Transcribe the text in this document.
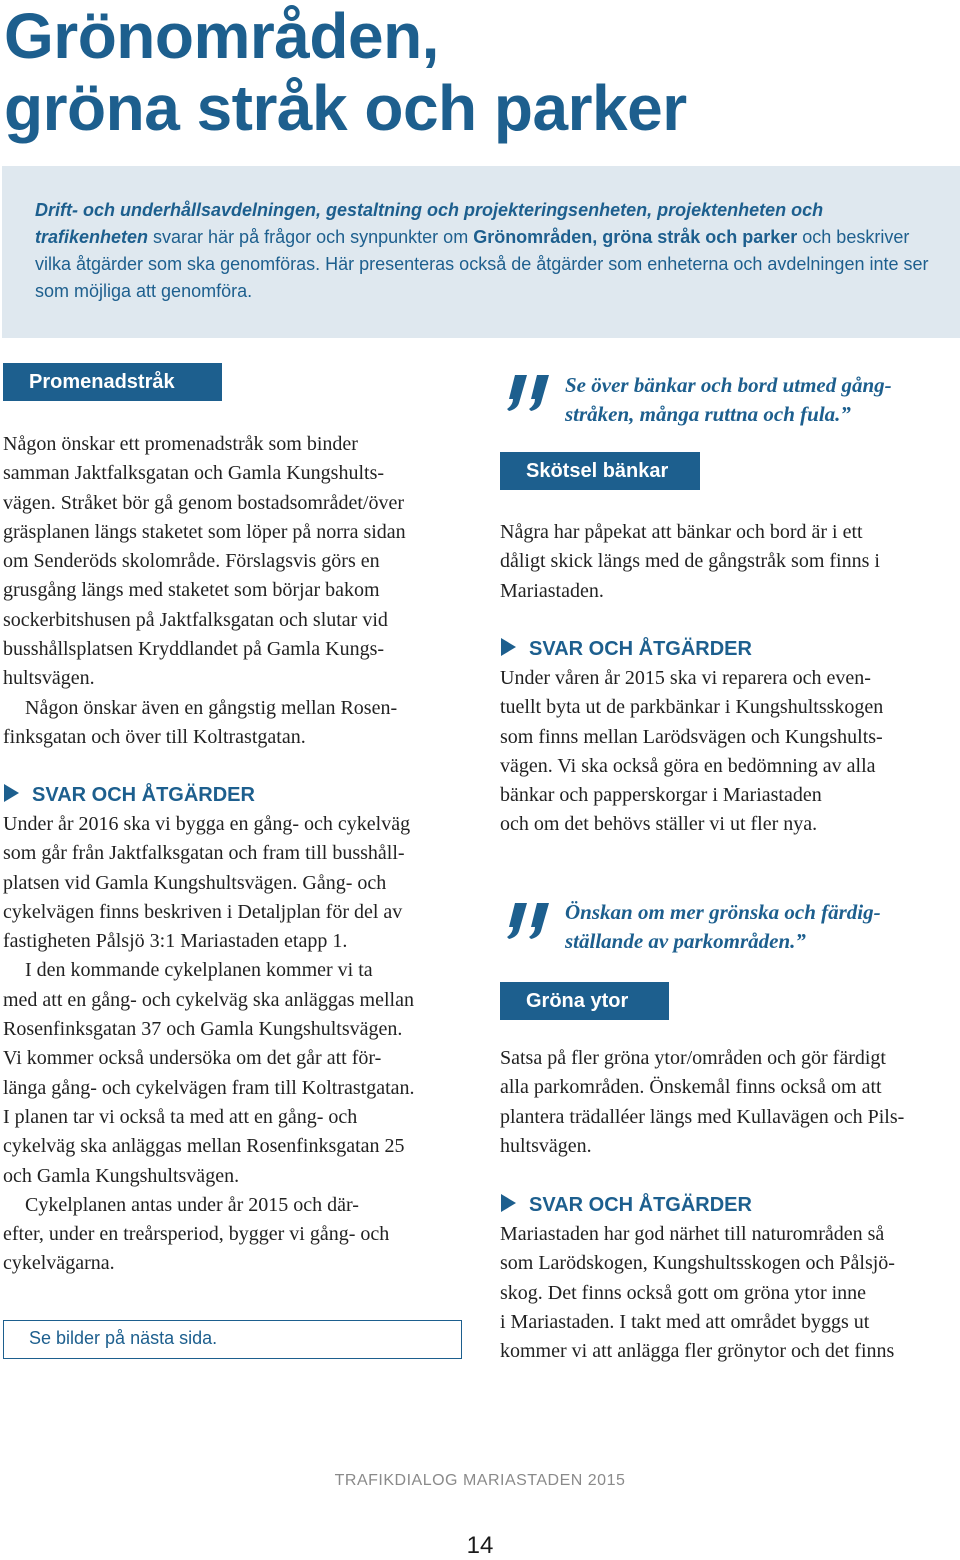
Grönområden,
gröna stråk och parker

Drift- och underhållsavdelningen, gestaltning och projekteringsenheten, projektenheten och trafikenheten svarar här på frågor och synpunkter om Grönområden, gröna stråk och parker och beskriver vilka åtgärder som ska genomföras. Här presenteras också de åtgärder som enheterna och avdelningen inte ser som möjliga att genomföra.

Promenadstråk

Någon önskar ett promenadstråk som binder
samman Jaktfalksgatan och Gamla Kungshults-
vägen. Stråket bör gå genom bostadsområdet/över
gräsplanen längs staketet som löper på norra sidan
om Senderöds skolområde. Förslagsvis görs en
grusgång längs med staketet som börjar bakom
sockerbitshusen på Jaktfalksgatan och slutar vid
busshållsplatsen Kryddlandet på Gamla Kungs-
hultsvägen.
Någon önskar även en gångstig mellan Rosen-
finksgatan och över till Koltrastgatan.

SVAR OCH ÅTGÄRDER

Under år 2016 ska vi bygga en gång- och cykelväg
som går från Jaktfalksgatan och fram till busshåll-
platsen vid Gamla Kungshultsvägen. Gång- och
cykelvägen finns beskriven i Detaljplan för del av
fastigheten Pålsjö 3:1 Mariastaden etapp 1.
I den kommande cykelplanen kommer vi ta
med att en gång- och cykelväg ska anläggas mellan
Rosenfinksgatan 37 och Gamla Kungshultsvägen.
Vi kommer också undersöka om det går att för-
länga gång- och cykelvägen fram till Koltrastgatan.
I planen tar vi också ta med att en gång- och
cykelväg ska anläggas mellan Rosenfinksgatan 25
och Gamla Kungshultsvägen.
Cykelplanen antas under år 2015 och där-
efter, under en treårsperiod, bygger vi gång- och
cykelvägarna.

Se bilder på nästa sida.

Se över bänkar och bord utmed gång-
stråken, många ruttna och fula.”

Skötsel bänkar

Några har påpekat att bänkar och bord är i ett
dåligt skick längs med de gångstråk som finns i
Mariastaden.

SVAR OCH ÅTGÄRDER

Under våren år 2015 ska vi reparera och even-
tuellt byta ut de parkbänkar i Kungshultsskogen
som finns mellan Larödsvägen och Kungshults-
vägen. Vi ska också göra en bedömning av alla
bänkar och papperskorgar i Mariastaden
och om det behövs ställer vi ut fler nya.

Önskan om mer grönska och färdig-
ställande av parkområden.”

Gröna ytor

Satsa på fler gröna ytor/områden och gör färdigt
alla parkområden. Önskemål finns också om att
plantera trädalléer längs med Kullavägen och Pils-
hultsvägen.

SVAR OCH ÅTGÄRDER

Mariastaden har god närhet till naturområden så
som Larödskogen, Kungshultsskogen och Pålsjö-
skog. Det finns också gott om gröna ytor inne
i Mariastaden. I takt med att området byggs ut
kommer vi att anlägga fler grönytor och det finns

TRAFIKDIALOG MARIASTADEN 2015
14
